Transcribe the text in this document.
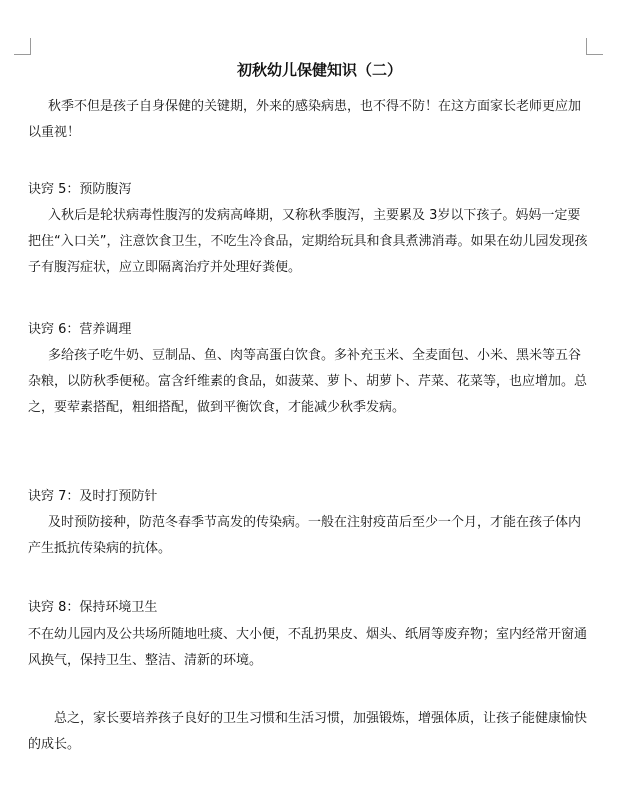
初秋幼儿保健知识（二）

秋季不但是孩子自身保健的关键期，外来的感染病患，也不得不防！在这方面家长老师更应加以重视！

诀窍 5：预防腹泻

入秋后是轮状病毒性腹泻的发病高峰期，又称秋季腹泻，主要累及 3岁以下孩子。妈妈一定要把住“入口关”，注意饮食卫生，不吃生冷食品，定期给玩具和食具煮沸消毒。如果在幼儿园发现孩子有腹泻症状，应立即隔离治疗并处理好粪便。

诀窍 6：营养调理

多给孩子吃牛奶、豆制品、鱼、肉等高蛋白饮食。多补充玉米、全麦面包、小米、黑米等五谷杂粮，以防秋季便秘。富含纤维素的食品，如菠菜、萝卜、胡萝卜、芹菜、花菜等，也应增加。总之，要荤素搭配，粗细搭配，做到平衡饮食，才能减少秋季发病。

诀窍 7：及时打预防针

及时预防接种，防范冬春季节高发的传染病。一般在注射疫苗后至少一个月，才能在孩子体内产生抵抗传染病的抗体。

诀窍 8：保持环境卫生

不在幼儿园内及公共场所随地吐痰、大小便，不乱扔果皮、烟头、纸屑等废弃物；室内经常开窗通风换气，保持卫生、整洁、清新的环境。

总之，家长要培养孩子良好的卫生习惯和生活习惯，加强锻炼，增强体质，让孩子能健康愉快的成长。
